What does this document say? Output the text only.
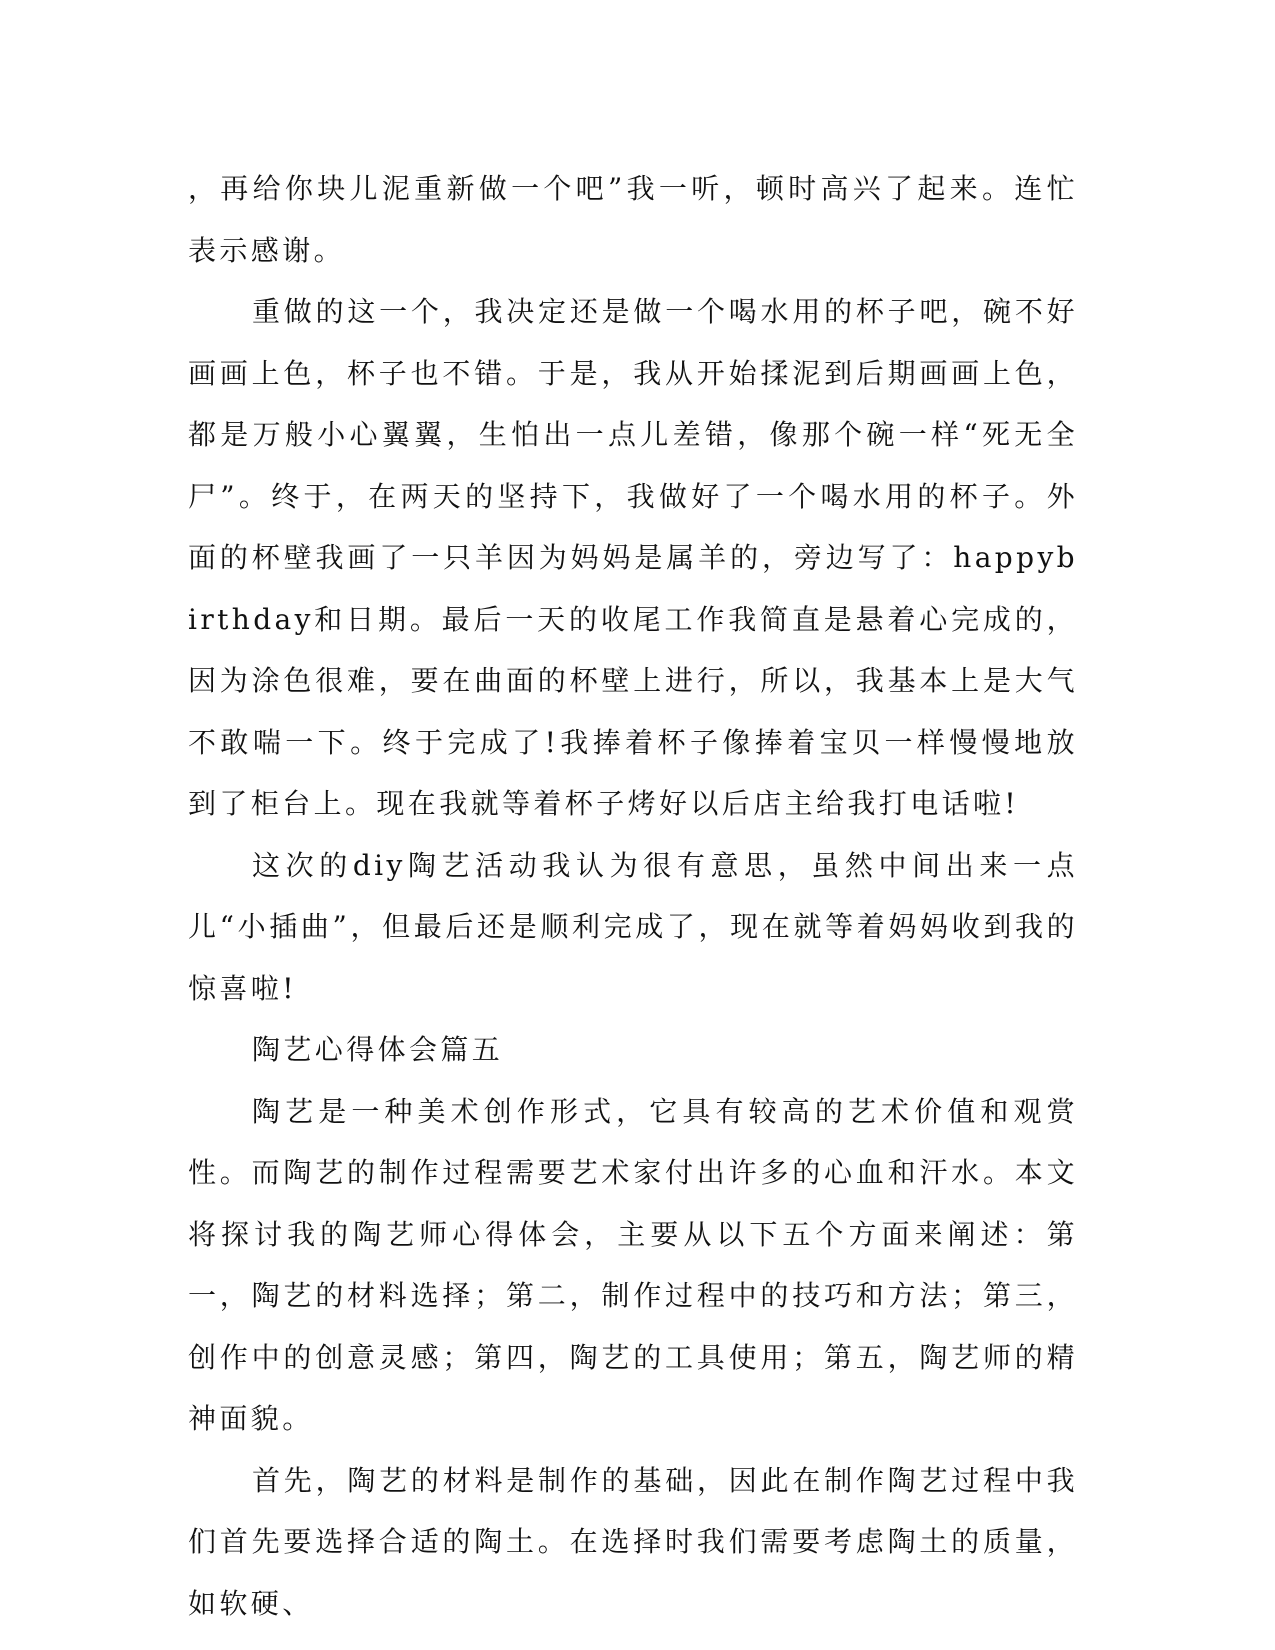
，再给你块儿泥重新做一个吧”我一听，顿时高兴了起来。连忙表示感谢。

重做的这一个，我决定还是做一个喝水用的杯子吧，碗不好画画上色，杯子也不错。于是，我从开始揉泥到后期画画上色，都是万般小心翼翼，生怕出一点儿差错，像那个碗一样“死无全尸”。终于，在两天的坚持下，我做好了一个喝水用的杯子。外面的杯壁我画了一只羊因为妈妈是属羊的，旁边写了：happybirthday和日期。最后一天的收尾工作我简直是悬着心完成的，因为涂色很难，要在曲面的杯壁上进行，所以，我基本上是大气不敢喘一下。终于完成了!我捧着杯子像捧着宝贝一样慢慢地放到了柜台上。现在我就等着杯子烤好以后店主给我打电话啦!

这次的diy陶艺活动我认为很有意思，虽然中间出来一点儿“小插曲”，但最后还是顺利完成了，现在就等着妈妈收到我的惊喜啦!

陶艺心得体会篇五

陶艺是一种美术创作形式，它具有较高的艺术价值和观赏性。而陶艺的制作过程需要艺术家付出许多的心血和汗水。本文将探讨我的陶艺师心得体会，主要从以下五个方面来阐述：第一，陶艺的材料选择；第二，制作过程中的技巧和方法；第三，创作中的创意灵感；第四，陶艺的工具使用；第五，陶艺师的精神面貌。

首先，陶艺的材料是制作的基础，因此在制作陶艺过程中我们首先要选择合适的陶土。在选择时我们需要考虑陶土的质量，如软硬、
